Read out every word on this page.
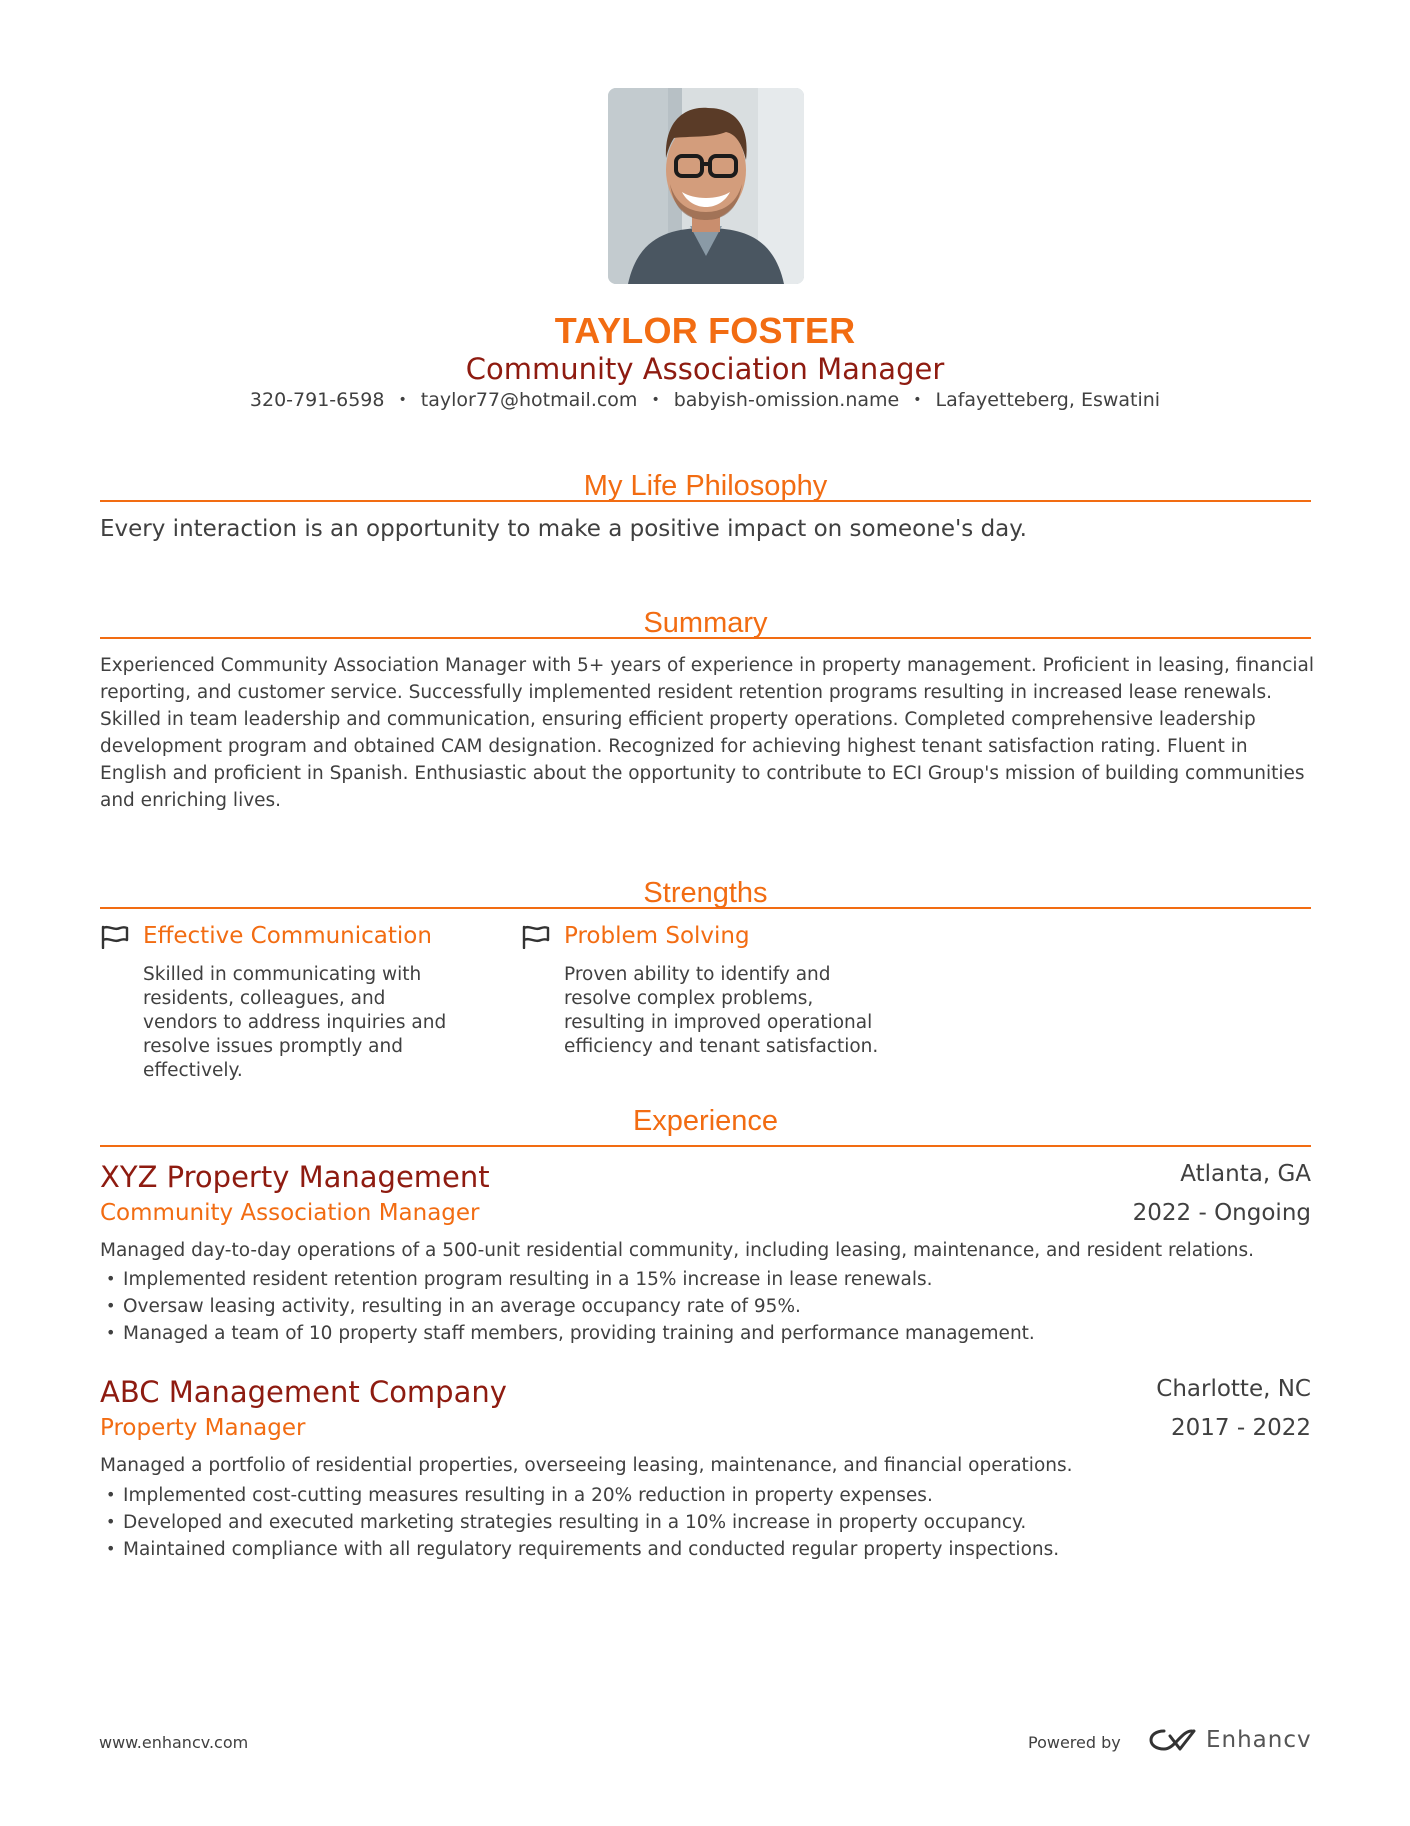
TAYLOR FOSTER
Community Association Manager
320-791-6598 • taylor77@hotmail.com • babyish-omission.name • Lafayetteberg, Eswatini
My Life Philosophy
Every interaction is an opportunity to make a positive impact on someone's day.
Summary
Experienced Community Association Manager with 5+ years of experience in property management. Proficient in leasing, financial reporting, and customer service. Successfully implemented resident retention programs resulting in increased lease renewals. Skilled in team leadership and communication, ensuring efficient property operations. Completed comprehensive leadership development program and obtained CAM designation. Recognized for achieving highest tenant satisfaction rating. Fluent in English and proficient in Spanish. Enthusiastic about the opportunity to contribute to ECI Group's mission of building communities and enriching lives.
Strengths
Effective Communication
Skilled in communicating with residents, colleagues, and vendors to address inquiries and resolve issues promptly and effectively.
Problem Solving
Proven ability to identify and resolve complex problems, resulting in improved operational efficiency and tenant satisfaction.
Experience
XYZ Property Management	Atlanta, GA
Community Association Manager	2022 - Ongoing
Managed day-to-day operations of a 500-unit residential community, including leasing, maintenance, and resident relations.
• Implemented resident retention program resulting in a 15% increase in lease renewals.
• Oversaw leasing activity, resulting in an average occupancy rate of 95%.
• Managed a team of 10 property staff members, providing training and performance management.
ABC Management Company	Charlotte, NC
Property Manager	2017 - 2022
Managed a portfolio of residential properties, overseeing leasing, maintenance, and financial operations.
• Implemented cost-cutting measures resulting in a 20% reduction in property expenses.
• Developed and executed marketing strategies resulting in a 10% increase in property occupancy.
• Maintained compliance with all regulatory requirements and conducted regular property inspections.
www.enhancv.com	Powered by	Enhancv
